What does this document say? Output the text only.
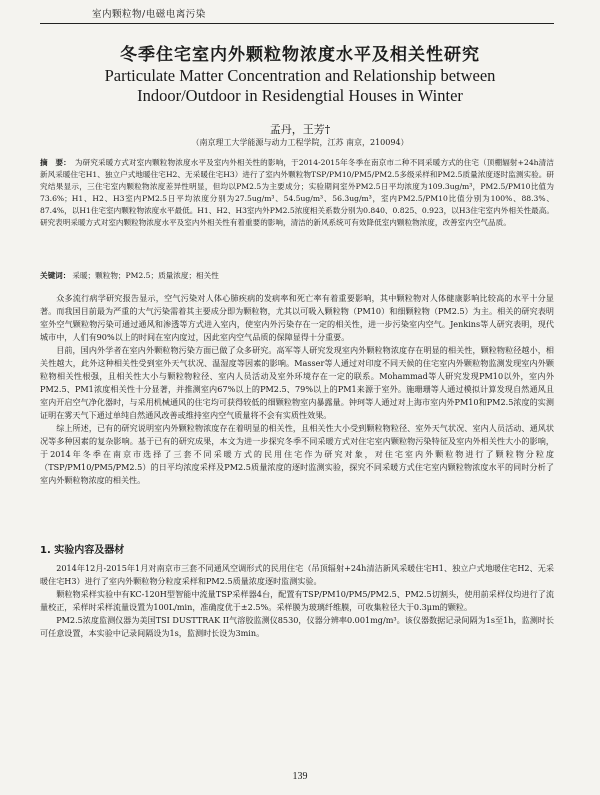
室内颗粒物/电磁电离污染
冬季住宅室内外颗粒物浓度水平及相关性研究
Particulate Matter Concentration and Relationship between
Indoor/Outdoor in Residengtial Houses in Winter
孟丹，王芳†
（南京理工大学能源与动力工程学院，江苏 南京，210094）
摘　要： 为研究采暖方式对室内颗粒物浓度水平及室内外相关性的影响，于2014-2015年冬季在南京市二种不同采暖方式的住宅（顶棚辐射+24h清洁新风采暖住宅H1、独立户式地暖住宅H2、无采暖住宅H3）进行了室内外颗粒物TSP/PM10/PM5/PM2.5多级采样和PM2.5质量浓度逐时监测实验。研究结果显示，三住宅室内颗粒物浓度差异性明显，但均以PM2.5为主要成分；实验期间室外PM2.5日平均浓度为109.3ug/m³，PM2.5/PM10比值为73.6%；H1、H2、H3室内PM2.5日平均浓度分别为27.5ug/m³、54.5ug/m³、56.3ug/m³，室内PM2.5/PM10比值分别为100%、88.3%、87.4%，以H1住宅室内颗粒物浓度水平最低。H1、H2、H3室内外PM2.5浓度相关系数分别为0.840、0.825、0.923，以H3住宅室内外相关性最高。研究表明采暖方式对室内颗粒物浓度水平及室内外相关性有着重要的影响，清洁的新风系统可有效降低室内颗粒物浓度，改善室内空气品质。
关键词： 采暖；颗粒物；PM2.5；质量浓度；相关性

众多流行病学研究报告显示，空气污染对人体心肺疾病的发病率和死亡率有着重要影响，其中颗粒物对人体健康影响比较高的水平十分显著。而我国目前最为严重的大气污染需着其主要成分即为颗粒物，尤其以可吸入颗粒物（PM10）和细颗粒物（PM2.5）为主。相关的研究表明室外空气颗粒物污染可通过通风和渗透等方式进入室内，使室内外污染存在一定的相关性，进一步污染室内空气。Jenkins等人研究表明，现代城市中，人们有90%以上的时间在室内度过，因此室内空气品质的保障显得十分重要。

目前，国内外学者在室内外颗粒物污染方面已做了众多研究。高军等人研究发现室内外颗粒物浓度存在明显的相关性，颗粒物粒径越小，相关性越大，此外这种相关性受到室外天气状况、温湿度等因素的影响。Masser等人通过对印度不同天候的住宅室内外颗粒物监测发现室内外颗粒物相关性根强，且相关性大小与颗粒物粒径、室内人员活动及室外环境存在一定的联系。Mohammad等人研究发现PM10以外，室内外PM2.5、PM1浓度相关性十分显著，并推测室内67%以上的PM2.5、79%以上的PM1来源于室外。施珊珊等人通过模拟计算发现自然通风且室内开启空气净化器时，与采用机械通风的住宅均可获得较低的细颗粒物室内暴露量。钟珂等人通过对上海市室内外PM10和PM2.5浓度的实测证明在雾天气下通过单纯自然通风改善或维持室内空气质量将不会有实质性效果。

综上所述，已有的研究说明室内外颗粒物浓度存在着明显的相关性，且相关性大小受到颗粒物粒径、室外天气状况、室内人员活动、通风状况等多种因素的复杂影响。基于已有的研究成果，本文为进一步探究冬季不同采暖方式对住宅室内颗粒物污染特征及室内外相关性大小的影响，于2014年冬季在南京市选择了三套不同采暖方式的民用住宅作为研究对象，对住宅室内外颗粒物进行了颗粒物分粒度（TSP/PM10/PM5/PM2.5）的日平均浓度采样及PM2.5质量浓度的逐时监测实验，探究不同采暖方式住宅室内颗粒物浓度水平的同时分析了室内外颗粒物浓度的相关性。

1. 实验内容及器材

2014年12月-2015年1月对南京市三套不同通风空调形式的民用住宅（吊顶辐射+24h清洁新风采暖住宅H1、独立户式地暖住宅H2、无采暖住宅H3）进行了室内外颗粒物分粒度采样和PM2.5质量浓度逐时监测实验。

颗粒物采样实验中有KC-120H型智能中流量TSP采样器4台，配置有TSP/PM10/PM5/PM2.5、PM2.5切割头，使用前采样仪均进行了流量校正，采样时采样流量设置为100L/min，准确度优于±2.5%。采样膜为玻璃纤维膜，可收集粒径大于0.3μm的颗粒。

PM2.5浓度监测仪器为美国TSI DUSTTRAK II气溶胶监测仪8530，仪器分辨率0.001mg/m³。该仪器数据记录间隔为1s至1h，监测时长可任意设置，本实验中记录间隔设为1s，监测时长设为3min。

139
